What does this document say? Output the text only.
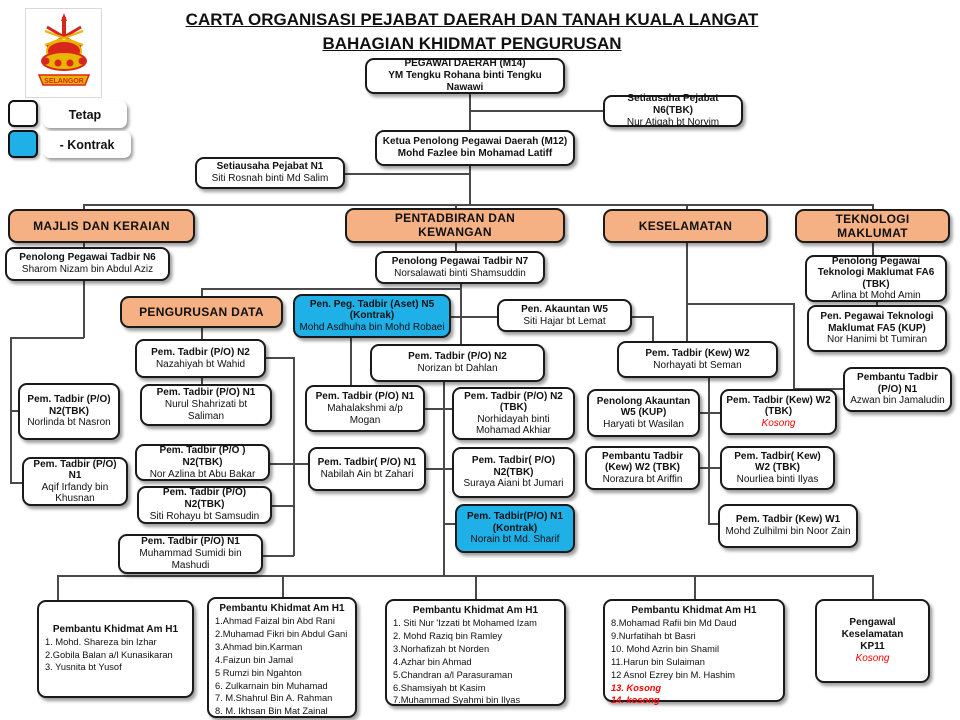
CARTA ORGANISASI PEJABAT DAERAH DAN TANAH KUALA LANGAT
BAHAGIAN KHIDMAT PENGURUSAN
SELANGOR
Tetap
- Kontrak
PEGAWAI DAERAH (M14)
YM Tengku Rohana binti Tengku Nawawi
Setiausaha Pejabat N6(TBK)
Nur Atiqah bt Noryim
Ketua Penolong Pegawai Daerah (M12)
Mohd Fazlee bin Mohamad Latiff
Setiausaha Pejabat N1
Siti Rosnah binti Md Salim
MAJLIS DAN KERAIAN
PENTADBIRAN DAN
KEWANGAN	KESELAMATAN
TEKNOLOGI MAKLUMAT
Penolong Pegawai Tadbir N6
Sharom Nizam bin Abdul Aziz
Penolong Pegawai Tadbir N7
Norsalawati binti Shamsuddin
Penolong Pegawai Teknologi Maklumat FA6 (TBK)
Arlina bt Mohd Amin
Pen. Pegawai Teknologi Maklumat FA5 (KUP)
Nor Hanimi bt Tumiran
PENGURUSAN DATA
Pen. Peg. Tadbir (Aset) N5 (Kontrak)
Mohd Asdhuha bin Mohd Robaei
Pen. Akauntan W5
Siti Hajar bt Lemat
Pem. Tadbir (Kew) W2
Norhayati bt Seman
Pembantu Tadbir (P/O) N1
Azwan bin Jamaludin
Pem. Tadbir (P/O) N2
Nazahiyah bt Wahid
Pem. Tadbir (P/O) N2(TBK)
Norlinda bt Nasron
Pem. Tadbir (P/O) N1
Nurul Shahrizati bt Saliman
Pem. Tadbir (P/O) N1
Aqif Irfandy bin Khusnan
Pem. Tadbir (P/O ) N2(TBK)
Nor Azlina bt Abu Bakar
Pem. Tadbir (P/O) N2(TBK)
Siti Rohayu bt Samsudin
Pem. Tadbir (P/O) N1
Muhammad Sumidi bin Mashudi
Pem. Tadbir (P/O) N2
Norizan bt Dahlan
Pem. Tadbir (P/O) N1
Mahalakshmi a/p Mogan
Pem. Tadbir (P/O) N2 (TBK)
Norhidayah binti Mohamad Akhiar
Pem. Tadbir( P/O) N1
Nabilah Ain bt Zahari
Pem. Tadbir( P/O) N2(TBK)
Suraya Aiani bt Jumari
Pem. Tadbir(P/O) N1 (Kontrak)
Norain bt Md. Sharif
Penolong Akauntan W5 (KUP)
Haryati bt Wasilan
Pem. Tadbir (Kew) W2 (TBK)
Kosong
Pembantu Tadbir (Kew) W2 (TBK)
Norazura bt Ariffin
Pem. Tadbir( Kew) W2 (TBK)
Nourliea binti Ilyas
Pem. Tadbir (Kew) W1
Mohd Zulhilmi bin Noor Zain
Pembantu Khidmat Am H1
1. Mohd. Shareza bin Izhar
2.Gobila Balan a/l Kunasikaran
3. Yusnita bt Yusof
Pembantu Khidmat Am H1
1.Ahmad Faizal bin Abd Rani
2.Muhamad Fikri bin Abdul Gani
3.Ahmad bin.Karman
4.Faizun bin Jamal
5 Rumzi bin Ngahton
6. Zulkarnain bin Muhamad
7. M.Shahrul Bin A. Rahman
8. M. Ikhsan Bin Mat Zainal
Pembantu Khidmat Am H1
1. Siti Nur 'Izzati bt Mohamed Izam
2. Mohd Raziq bin Ramley
3.Norhafizah bt Norden
4.Azhar bin Ahmad
5.Chandran a/l Parasuraman
6.Shamsiyah bt Kasim
7.Muhammad Syahmi bin Ilyas
Pembantu Khidmat Am H1
8.Mohamad Rafii bin Md Daud
9.Nurfatihah bt Basri
10. Mohd Azrin bin Shamil
11.Harun bin Sulaiman
12 Asnol Ezrey bin M. Hashim
13. Kosong
14. kosong
Pengawal Keselamatan
KP11
Kosong
